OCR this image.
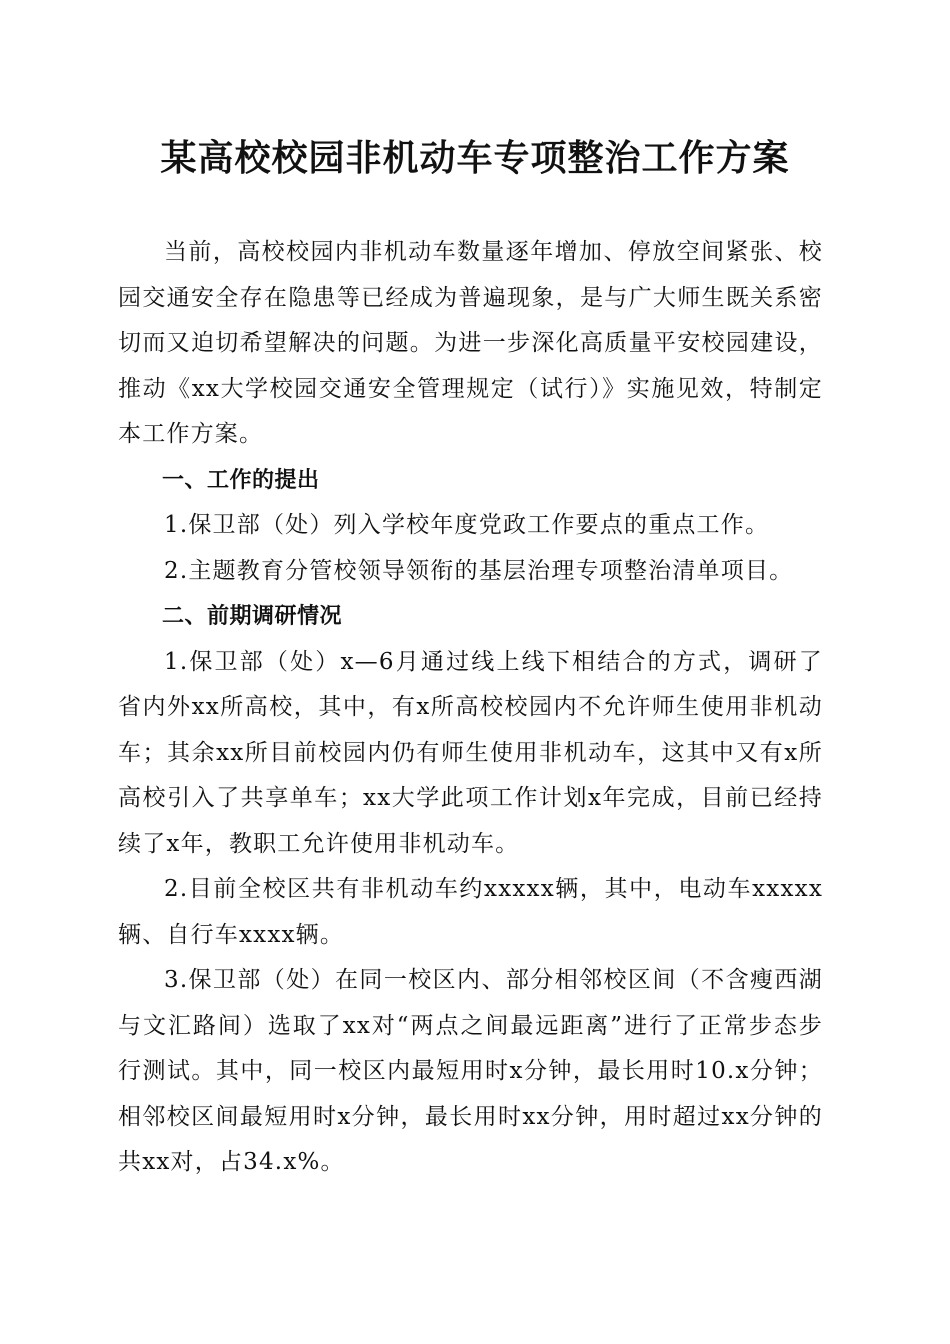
某高校校园非机动车专项整治工作方案

当前，高校校园内非机动车数量逐年增加、停放空间紧张、校园交通安全存在隐患等已经成为普遍现象，是与广大师生既关系密切而又迫切希望解决的问题。为进一步深化高质量平安校园建设，推动《xx大学校园交通安全管理规定（试行）》实施见效，特制定本工作方案。

一、工作的提出

1.保卫部（处）列入学校年度党政工作要点的重点工作。

2.主题教育分管校领导领衔的基层治理专项整治清单项目。

二、前期调研情况

1.保卫部（处）x—6月通过线上线下相结合的方式，调研了省内外xx所高校，其中，有x所高校校园内不允许师生使用非机动车；其余xx所目前校园内仍有师生使用非机动车，这其中又有x所高校引入了共享单车；xx大学此项工作计划x年完成，目前已经持续了x年，教职工允许使用非机动车。

2.目前全校区共有非机动车约xxxxx辆，其中，电动车xxxxx辆、自行车xxxx辆。

3.保卫部（处）在同一校区内、部分相邻校区间（不含瘦西湖与文汇路间）选取了xx对“两点之间最远距离”进行了正常步态步行测试。其中，同一校区内最短用时x分钟，最长用时10.x分钟；相邻校区间最短用时x分钟，最长用时xx分钟，用时超过xx分钟的共xx对，占34.x%。
